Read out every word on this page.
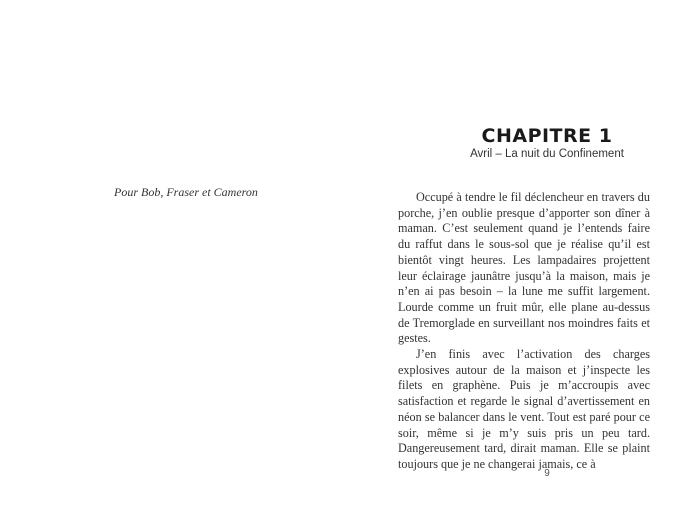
Pour Bob, Fraser et Cameron
CHAPITRE 1
Avril – La nuit du Confinement

Occupé à tendre le fil déclencheur en travers du porche, j’en oublie presque d’apporter son dîner à maman. C’est seulement quand je l’entends faire du raffut dans le sous-sol que je réalise qu’il est bientôt vingt heures. Les lampadaires projettent leur éclairage jaunâtre jusqu’à la maison, mais je n’en ai pas besoin – la lune me suffit largement. Lourde comme un fruit mûr, elle plane au-dessus de Tremorglade en surveillant nos moindres faits et gestes.

J’en finis avec l’activation des charges explosives autour de la maison et j’inspecte les filets en graphène. Puis je m’accroupis avec satisfaction et regarde le signal d’avertissement en néon se balancer dans le vent. Tout est paré pour ce soir, même si je m’y suis pris un peu tard. Dangereusement tard, dirait maman. Elle se plaint toujours que je ne changerai jamais, ce à

9
